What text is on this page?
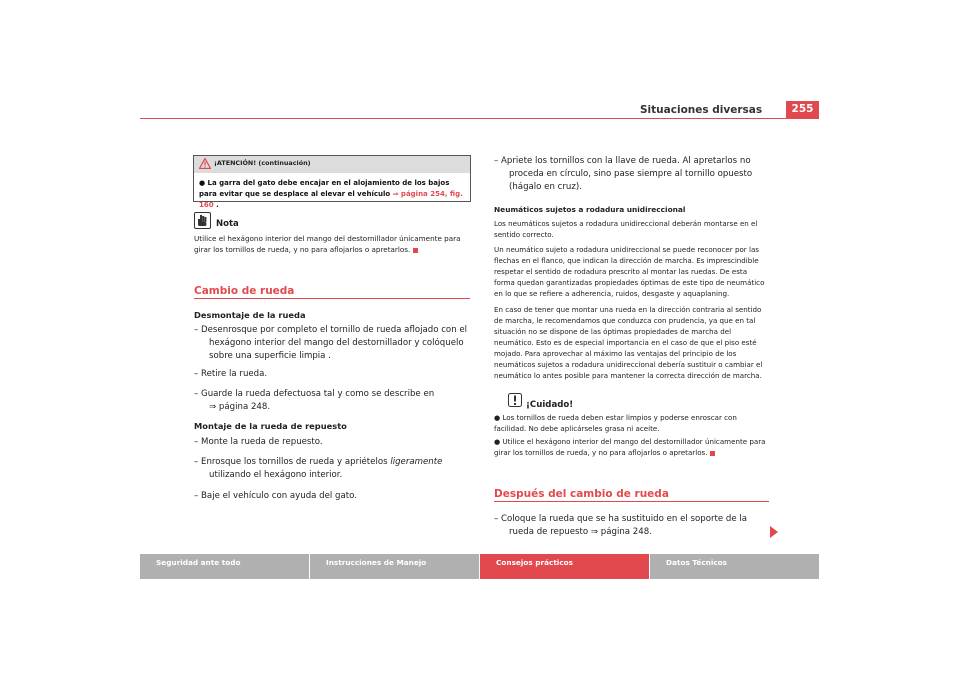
Situaciones diversas	255
¡ATENCIÓN! (continuación)
● La garra del gato debe encajar en el alojamiento de los bajos para evitar que se desplace al elevar el vehículo ⇒ página 254, fig. 160 .
Nota
Utilice el hexágono interior del mango del destornillador únicamente para girar los tornillos de rueda, y no para aflojarlos o apretarlos.
Cambio de rueda
Desmontaje de la rueda
– Desenrosque por completo el tornillo de rueda aflojado con el hexágono interior del mango del destornillador y colóquelo sobre una superficie limpia .
– Retire la rueda.
– Guarde la rueda defectuosa tal y como se describe en ⇒ página 248.
Montaje de la rueda de repuesto
– Monte la rueda de repuesto.
– Enrosque los tornillos de rueda y apriételos ligeramente utilizando el hexágono interior.
– Baje el vehículo con ayuda del gato.
– Apriete los tornillos con la llave de rueda. Al apretarlos no proceda en círculo, sino pase siempre al tornillo opuesto (hágalo en cruz).
Neumáticos sujetos a rodadura unidireccional
Los neumáticos sujetos a rodadura unidireccional deberán montarse en el sentido correcto.
Un neumático sujeto a rodadura unidireccional se puede reconocer por las flechas en el flanco, que indican la dirección de marcha. Es imprescindible respetar el sentido de rodadura prescrito al montar las ruedas. De esta forma quedan garantizadas propiedades óptimas de este tipo de neumático en lo que se refiere a adherencia, ruidos, desgaste y aquaplaning.
En caso de tener que montar una rueda en la dirección contraria al sentido de marcha, le recomendamos que conduzca con prudencia, ya que en tal situación no se dispone de las óptimas propiedades de marcha del neumático. Esto es de especial importancia en el caso de que el piso esté mojado. Para aprovechar al máximo las ventajas del principio de los neumáticos sujetos a rodadura unidireccional debería sustituir o cambiar el neumático lo antes posible para mantener la correcta dirección de marcha.
¡Cuidado!
● Los tornillos de rueda deben estar limpios y poderse enroscar con facilidad. No debe aplicárseles grasa ni aceite.
● Utilice el hexágono interior del mango del destornillador únicamente para girar los tornillos de rueda, y no para aflojarlos o apretarlos.
Después del cambio de rueda
– Coloque la rueda que se ha sustituido en el soporte de la rueda de repuesto ⇒ página 248.
Seguridad ante todo	Instrucciones de Manejo	Consejos prácticos	Datos Técnicos
